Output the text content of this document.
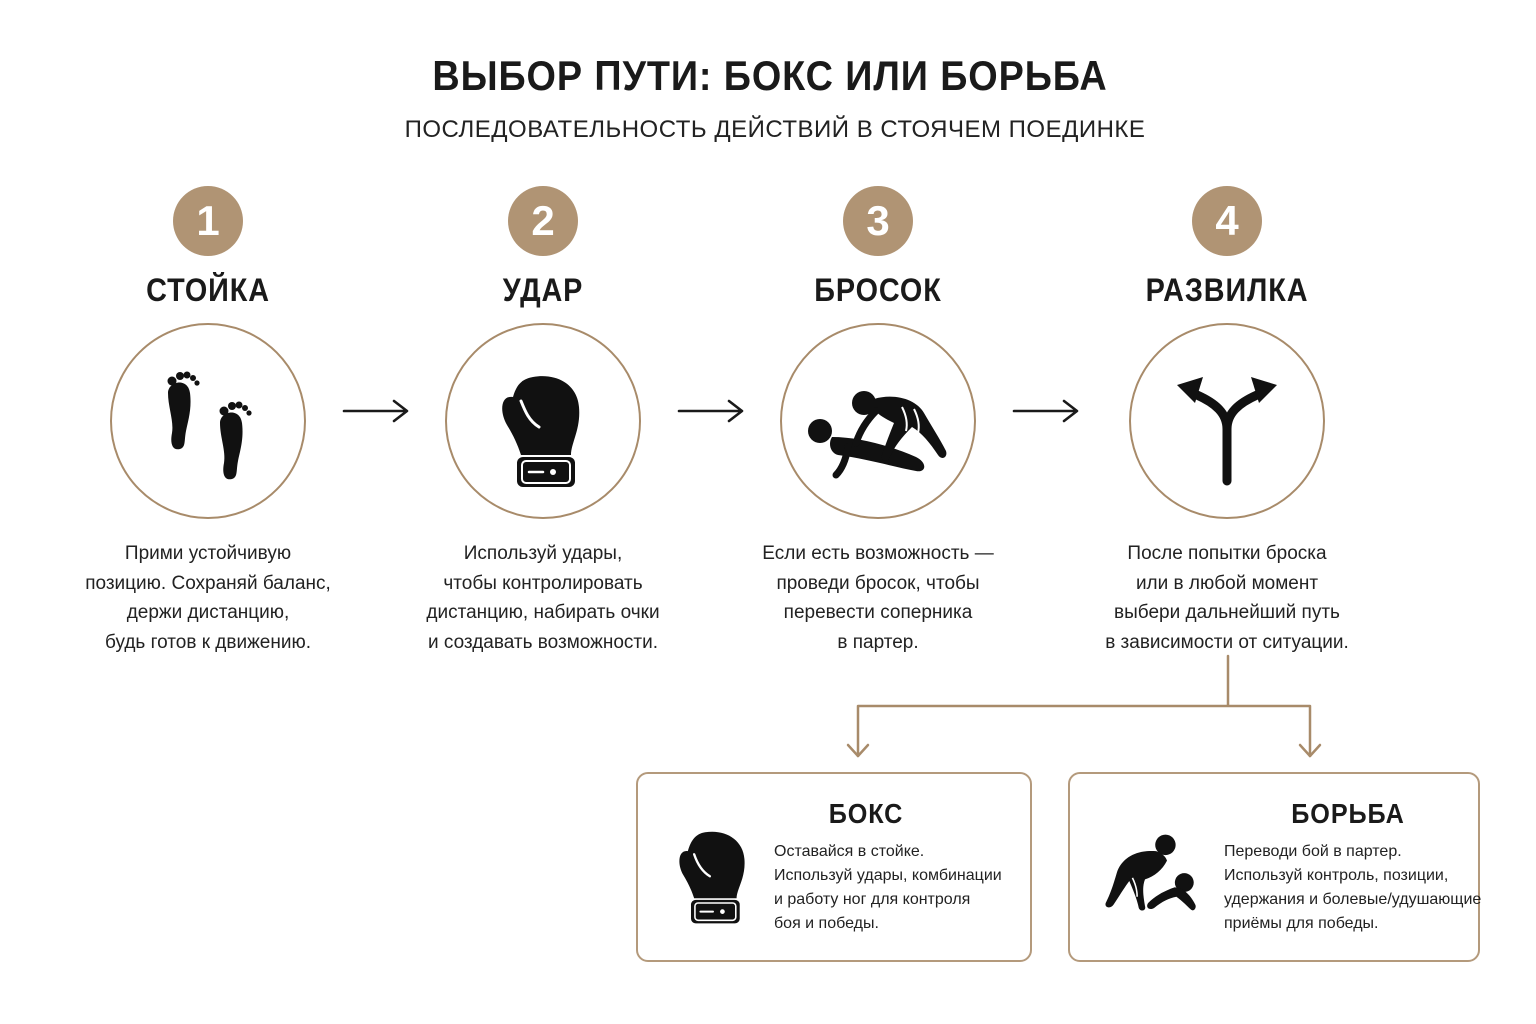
ВЫБОР ПУТИ: БОКС ИЛИ БОРЬБА
ПОСЛЕДОВАТЕЛЬНОСТЬ ДЕЙСТВИЙ В СТОЯЧЕМ ПОЕДИНКЕ
1
СТОЙКА
Прими устойчивую
позицию. Сохраняй баланс,
держи дистанцию,
будь готов к движению.
2
УДАР
Используй удары,
чтобы контролировать
дистанцию, набирать очки
и создавать возможности.
3
БРОСОК
Если есть возможность —
проведи бросок, чтобы
перевести соперника
в партер.
4
РАЗВИЛКА
После попытки броска
или в любой момент
выбери дальнейший путь
в зависимости от ситуации.
БОКС
Оставайся в стойке.
Используй удары, комбинации
и работу ног для контроля
боя и победы.
БОРЬБА
Переводи бой в партер.
Используй контроль, позиции,
удержания и болевые/удушающие
приёмы для победы.
